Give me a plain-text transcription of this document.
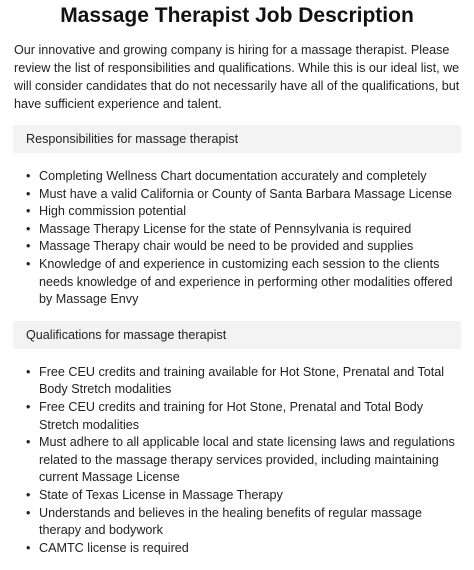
Massage Therapist Job Description

Our innovative and growing company is hiring for a massage therapist. Please review the list of responsibilities and qualifications. While this is our ideal list, we will consider candidates that do not necessarily have all of the qualifications, but have sufficient experience and talent.

Responsibilities for massage therapist
• Completing Wellness Chart documentation accurately and completely
• Must have a valid California or County of Santa Barbara Massage License
• High commission potential
• Massage Therapy License for the state of Pennsylvania is required
• Massage Therapy chair would be need to be provided and supplies
• Knowledge of and experience in customizing each session to the clients needs knowledge of and experience in performing other modalities offered by Massage Envy
Qualifications for massage therapist
• Free CEU credits and training available for Hot Stone, Prenatal and Total Body Stretch modalities
• Free CEU credits and training for Hot Stone, Prenatal and Total Body Stretch modalities
• Must adhere to all applicable local and state licensing laws and regulations related to the massage therapy services provided, including maintaining current Massage License
• State of Texas License in Massage Therapy
• Understands and believes in the healing benefits of regular massage therapy and bodywork
• CAMTC license is required
